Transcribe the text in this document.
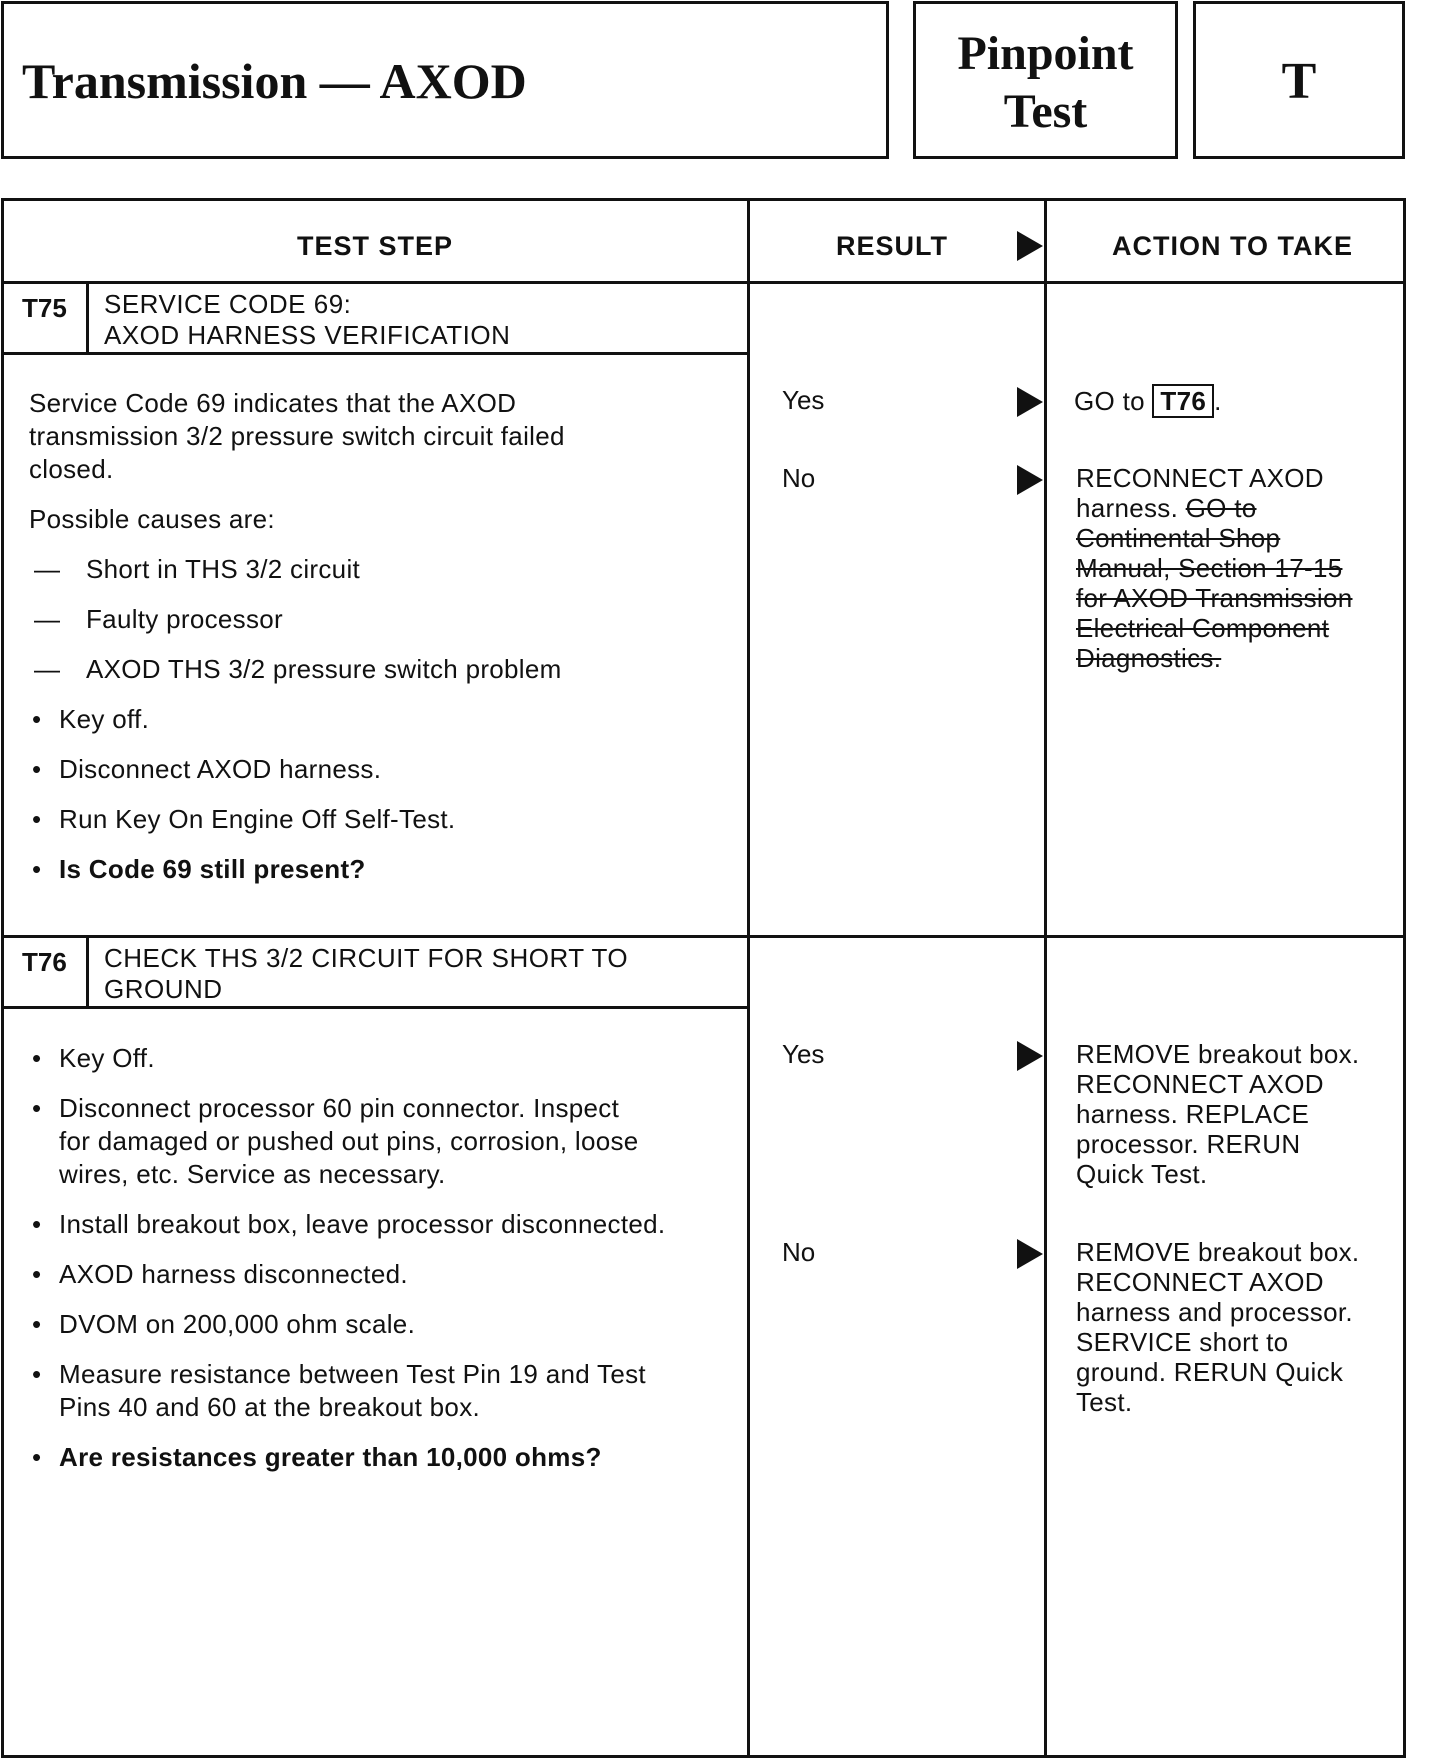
Transmission — AXOD	Pinpoint
Test
T
TEST STEP	RESULT	ACTION TO TAKE
T75 SERVICE CODE 69:
AXOD HARNESS VERIFICATION
Service Code 69 indicates that the AXOD
transmission 3/2 pressure switch circuit failed
closed.
Possible causes are:
— Short in THS 3/2 circuit
— Faulty processor
— AXOD THS 3/2 pressure switch problem
• Key off.
• Disconnect AXOD harness.
• Run Key On Engine Off Self-Test.
• Is Code 69 still present?
Yes	GO to T76 .
No	RECONNECT AXOD
harness. GO to
Continental Shop
Manual, Section 17-15
for AXOD Transmission
Electrical Component
Diagnostics.
T76 CHECK THS 3/2 CIRCUIT FOR SHORT TO
GROUND
• Key Off.
• Disconnect processor 60 pin connector. Inspect
for damaged or pushed out pins, corrosion, loose
wires, etc. Service as necessary.
• Install breakout box, leave processor disconnected.
• AXOD harness disconnected.
• DVOM on 200,000 ohm scale.
• Measure resistance between Test Pin 19 and Test
Pins 40 and 60 at the breakout box.
• Are resistances greater than 10,000 ohms?
Yes	REMOVE breakout box.
RECONNECT AXOD
harness. REPLACE
processor. RERUN
Quick Test.
No	REMOVE breakout box.
RECONNECT AXOD
harness and processor.
SERVICE short to
ground. RERUN Quick
Test.
